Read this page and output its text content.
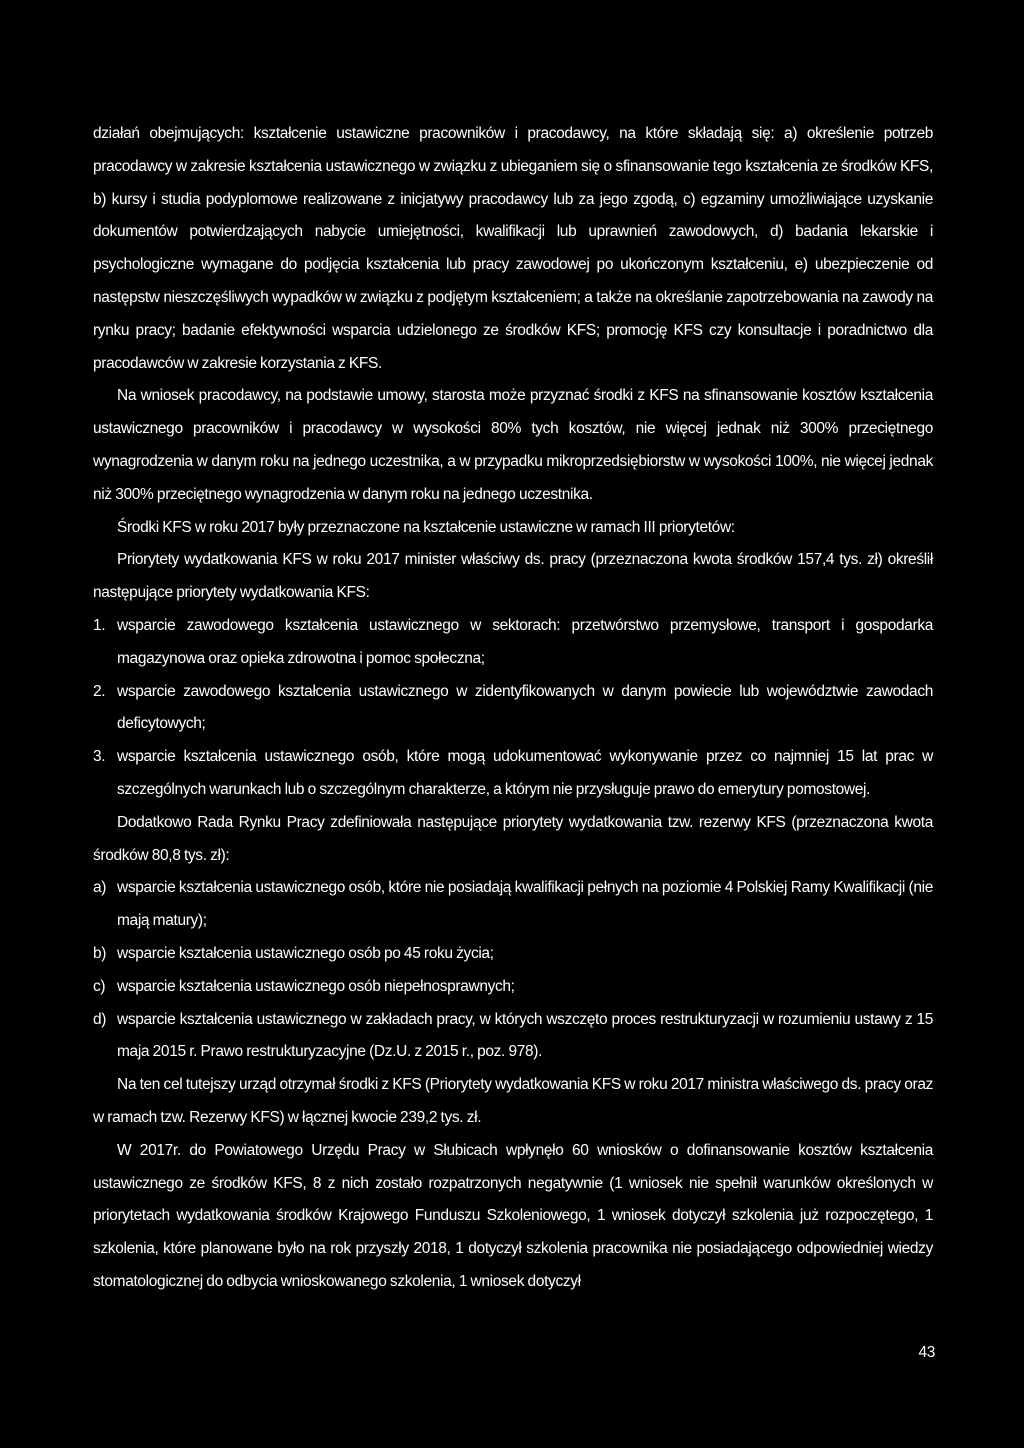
działań obejmujących: kształcenie ustawiczne pracowników i pracodawcy, na które składają się: a) określenie potrzeb pracodawcy w zakresie kształcenia ustawicznego w związku z ubieganiem się o sfinansowanie tego kształcenia ze środków KFS, b) kursy i studia podyplomowe realizowane z inicjatywy pracodawcy lub za jego zgodą, c) egzaminy umożliwiające uzyskanie dokumentów potwierdzających nabycie umiejętności, kwalifikacji lub uprawnień zawodowych, d) badania lekarskie i psychologiczne wymagane do podjęcia kształcenia lub pracy zawodowej po ukończonym kształceniu, e) ubezpieczenie od następstw nieszczęśliwych wypadków w związku z podjętym kształceniem; a także na określanie zapotrzebowania na zawody na rynku pracy; badanie efektywności wsparcia udzielonego ze środków KFS; promocję KFS czy konsultacje i poradnictwo dla pracodawców w zakresie korzystania z KFS.

Na wniosek pracodawcy, na podstawie umowy, starosta może przyznać środki z KFS na sfinansowanie kosztów kształcenia ustawicznego pracowników i pracodawcy w wysokości 80% tych kosztów, nie więcej jednak niż 300% przeciętnego wynagrodzenia w danym roku na jednego uczestnika, a w przypadku mikroprzedsiębiorstw w wysokości 100%, nie więcej jednak niż 300% przeciętnego wynagrodzenia w danym roku na jednego uczestnika.

Środki KFS w roku 2017 były przeznaczone na kształcenie ustawiczne w ramach III priorytetów:

Priorytety wydatkowania KFS w roku 2017 minister właściwy ds. pracy (przeznaczona kwota środków 157,4 tys. zł) określił następujące priorytety wydatkowania KFS:

1. wsparcie zawodowego kształcenia ustawicznego w sektorach: przetwórstwo przemysłowe, transport i gospodarka magazynowa oraz opieka zdrowotna i pomoc społeczna;
2. wsparcie zawodowego kształcenia ustawicznego w zidentyfikowanych w danym powiecie lub województwie zawodach deficytowych;
3. wsparcie kształcenia ustawicznego osób, które mogą udokumentować wykonywanie przez co najmniej 15 lat prac w szczególnych warunkach lub o szczególnym charakterze, a którym nie przysługuje prawo do emerytury pomostowej.

Dodatkowo Rada Rynku Pracy zdefiniowała następujące priorytety wydatkowania tzw. rezerwy KFS (przeznaczona kwota środków 80,8 tys. zł):

a) wsparcie kształcenia ustawicznego osób, które nie posiadają kwalifikacji pełnych na poziomie 4 Polskiej Ramy Kwalifikacji (nie mają matury);
b) wsparcie kształcenia ustawicznego osób po 45 roku życia;
c) wsparcie kształcenia ustawicznego osób niepełnosprawnych;
d) wsparcie kształcenia ustawicznego w zakładach pracy, w których wszczęto proces restrukturyzacji w rozumieniu ustawy z 15 maja 2015 r. Prawo restrukturyzacyjne (Dz.U. z 2015 r., poz. 978).

Na ten cel tutejszy urząd otrzymał środki z KFS (Priorytety wydatkowania KFS w roku 2017 ministra właściwego ds. pracy oraz w ramach tzw. Rezerwy KFS) w łącznej kwocie 239,2 tys. zł.

W 2017r. do Powiatowego Urzędu Pracy w Słubicach wpłynęło 60 wniosków o dofinansowanie kosztów kształcenia ustawicznego ze środków KFS, 8 z nich zostało rozpatrzonych negatywnie (1 wniosek nie spełnił warunków określonych w priorytetach wydatkowania środków Krajowego Funduszu Szkoleniowego, 1 wniosek dotyczył szkolenia już rozpoczętego, 1 szkolenia, które planowane było na rok przyszły 2018, 1 dotyczył szkolenia pracownika nie posiadającego odpowiedniej wiedzy stomatologicznej do odbycia wnioskowanego szkolenia, 1 wniosek dotyczył

43
